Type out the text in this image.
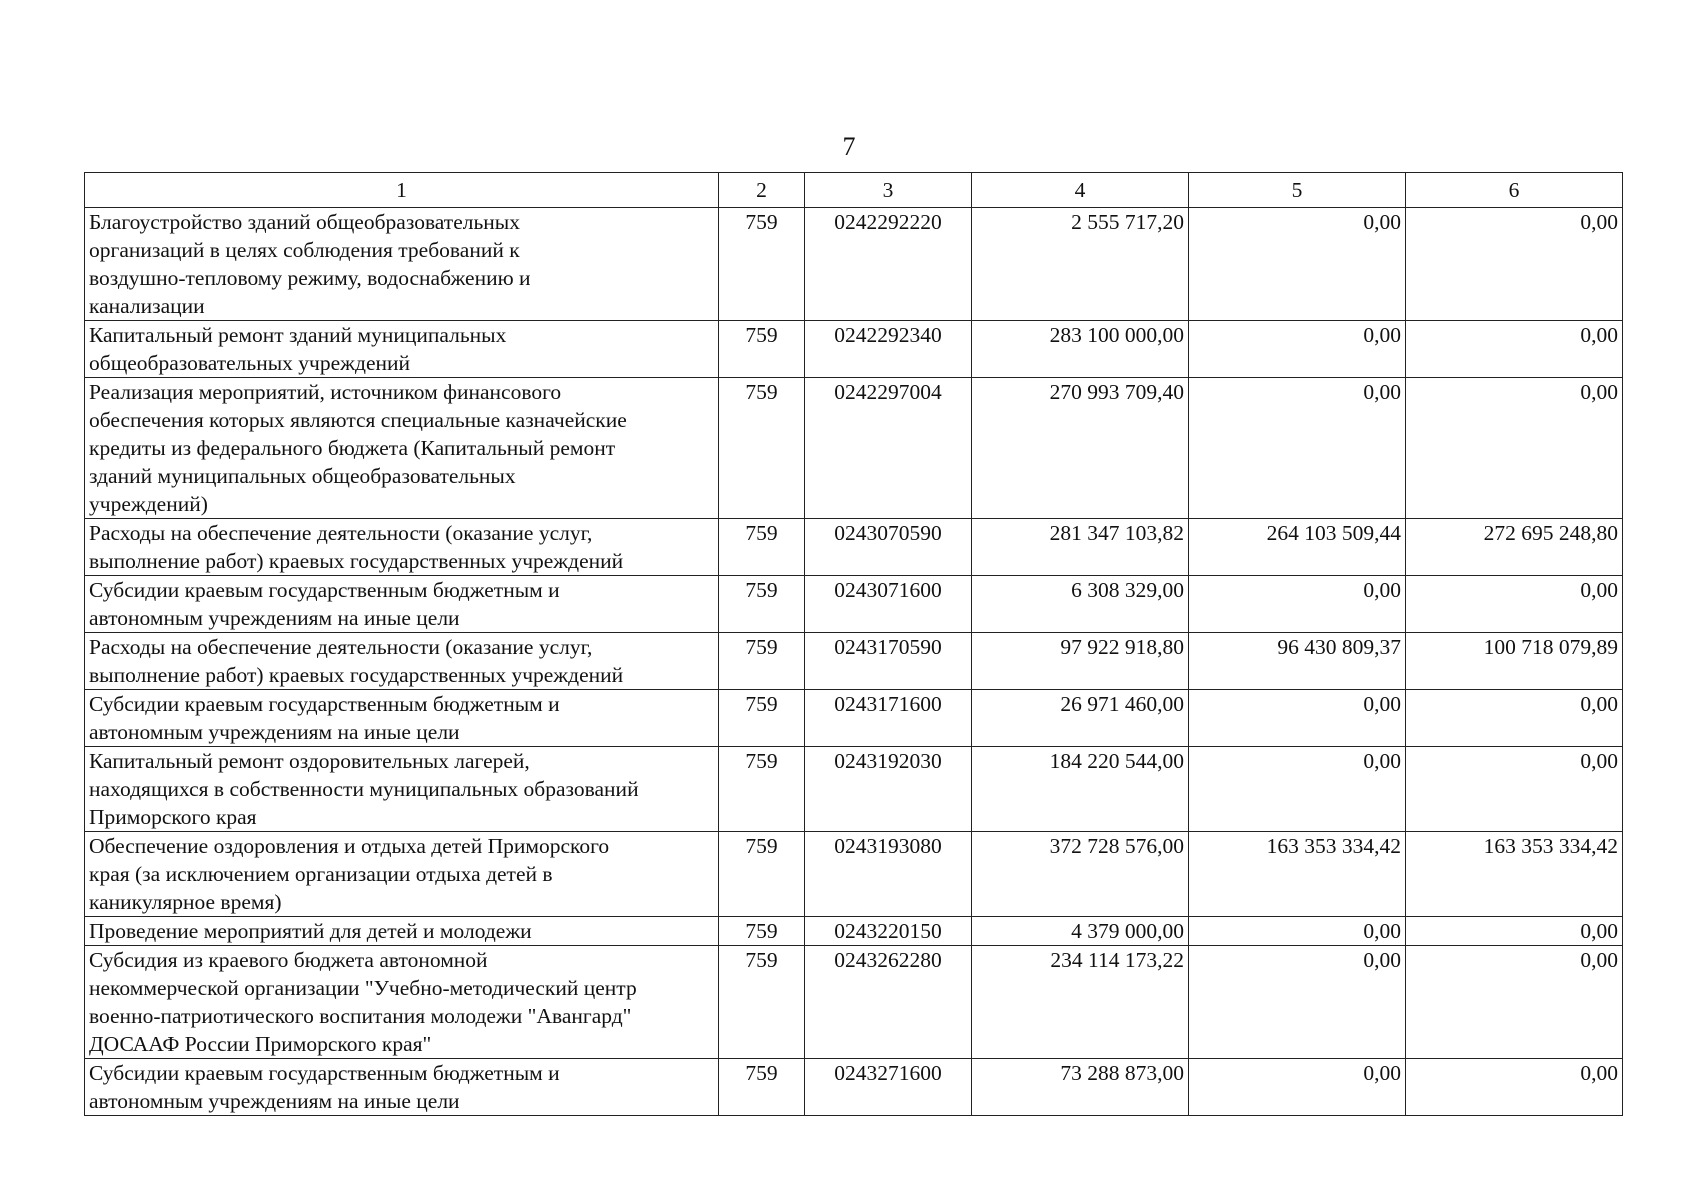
7
1	2	3	4	5	6

Благоустройство зданий общеобразовательных
организаций в целях соблюдения требований к
воздушно-тепловому режиму, водоснабжению и
канализации	759	0242292220	2 555 717,20	0,00	0,00

Капитальный ремонт зданий муниципальных
общеобразовательных учреждений	759	0242292340	283 100 000,00	0,00	0,00

Реализация мероприятий, источником финансового
обеспечения которых являются специальные казначейские
кредиты из федерального бюджета (Капитальный ремонт
зданий муниципальных общеобразовательных
учреждений)	759	0242297004	270 993 709,40	0,00	0,00

Расходы на обеспечение деятельности (оказание услуг,
выполнение работ) краевых государственных учреждений	759	0243070590	281 347 103,82	264 103 509,44	272 695 248,80

Субсидии краевым государственным бюджетным и
автономным учреждениям на иные цели	759	0243071600	6 308 329,00	0,00	0,00

Расходы на обеспечение деятельности (оказание услуг,
выполнение работ) краевых государственных учреждений	759	0243170590	97 922 918,80	96 430 809,37	100 718 079,89

Субсидии краевым государственным бюджетным и
автономным учреждениям на иные цели	759	0243171600	26 971 460,00	0,00	0,00

Капитальный ремонт оздоровительных лагерей,
находящихся в собственности муниципальных образований
Приморского края	759	0243192030	184 220 544,00	0,00	0,00

Обеспечение оздоровления и отдыха детей Приморского
края (за исключением организации отдыха детей в
каникулярное время)	759	0243193080	372 728 576,00	163 353 334,42	163 353 334,42

Проведение мероприятий для детей и молодежи	759	0243220150	4 379 000,00	0,00	0,00

Субсидия из краевого бюджета автономной
некоммерческой организации "Учебно-методический центр
военно-патриотического воспитания молодежи "Авангард"
ДОСААФ России Приморского края"	759	0243262280	234 114 173,22	0,00	0,00

Субсидии краевым государственным бюджетным и
автономным учреждениям на иные цели	759	0243271600	73 288 873,00	0,00	0,00
